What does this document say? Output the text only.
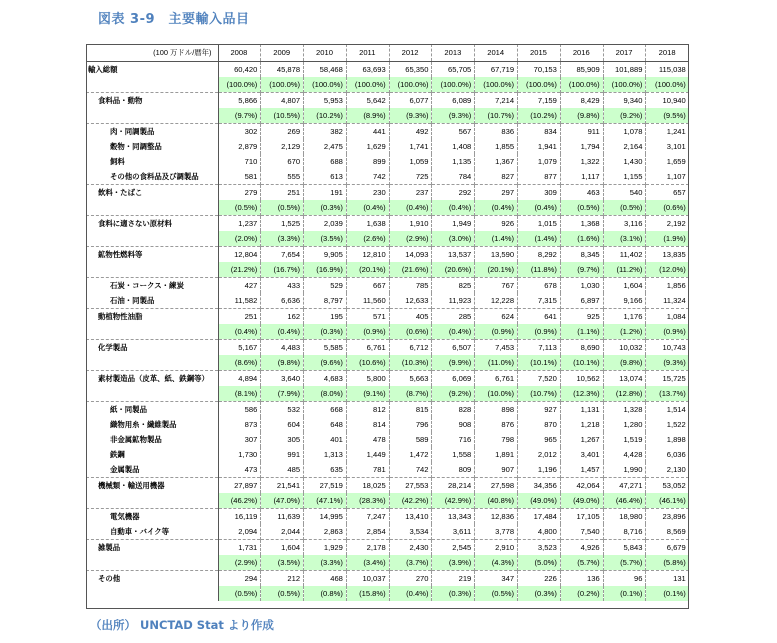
図表 3-9　主要輸入品目
(100 万ドル/暦年)	2008	2009	2010	2011	2012	2013	2014	2015	2016	2017	2018
輸入総額	60,420	45,878	58,468	63,693	65,350	65,705	67,719	70,153	85,909	101,889	115,038
	(100.0%)	(100.0%)	(100.0%)	(100.0%)	(100.0%)	(100.0%)	(100.0%)	(100.0%)	(100.0%)	(100.0%)	(100.0%)
食料品・動物	5,866	4,807	5,953	5,642	6,077	6,089	7,214	7,159	8,429	9,340	10,940
	(9.7%)	(10.5%)	(10.2%)	(8.9%)	(9.3%)	(9.3%)	(10.7%)	(10.2%)	(9.8%)	(9.2%)	(9.5%)
肉・同調製品	302	269	382	441	492	567	836	834	911	1,078	1,241
穀物・同調整品	2,879	2,129	2,475	1,629	1,741	1,408	1,855	1,941	1,794	2,164	3,101
飼料	710	670	688	899	1,059	1,135	1,367	1,079	1,322	1,430	1,659
その他の食料品及び調製品	581	555	613	742	725	784	827	877	1,117	1,155	1,107
飲料・たばこ	279	251	191	230	237	292	297	309	463	540	657
	(0.5%)	(0.5%)	(0.3%)	(0.4%)	(0.4%)	(0.4%)	(0.4%)	(0.4%)	(0.5%)	(0.5%)	(0.6%)
食料に適さない原材料	1,237	1,525	2,039	1,638	1,910	1,949	926	1,015	1,368	3,116	2,192
	(2.0%)	(3.3%)	(3.5%)	(2.6%)	(2.9%)	(3.0%)	(1.4%)	(1.4%)	(1.6%)	(3.1%)	(1.9%)
鉱物性燃料等	12,804	7,654	9,905	12,810	14,093	13,537	13,590	8,292	8,345	11,402	13,835
	(21.2%)	(16.7%)	(16.9%)	(20.1%)	(21.6%)	(20.6%)	(20.1%)	(11.8%)	(9.7%)	(11.2%)	(12.0%)
石炭・コークス・練炭	427	433	529	667	785	825	767	678	1,030	1,604	1,856
石油・同製品	11,582	6,636	8,797	11,560	12,633	11,923	12,228	7,315	6,897	9,166	11,324
動植物性油脂	251	162	195	571	405	285	624	641	925	1,176	1,084
	(0.4%)	(0.4%)	(0.3%)	(0.9%)	(0.6%)	(0.4%)	(0.9%)	(0.9%)	(1.1%)	(1.2%)	(0.9%)
化学製品	5,167	4,483	5,585	6,761	6,712	6,507	7,453	7,113	8,690	10,032	10,743
	(8.6%)	(9.8%)	(9.6%)	(10.6%)	(10.3%)	(9.9%)	(11.0%)	(10.1%)	(10.1%)	(9.8%)	(9.3%)
素材製造品（皮革、紙、鉄鋼等）	4,894	3,640	4,683	5,800	5,663	6,069	6,761	7,520	10,562	13,074	15,725
	(8.1%)	(7.9%)	(8.0%)	(9.1%)	(8.7%)	(9.2%)	(10.0%)	(10.7%)	(12.3%)	(12.8%)	(13.7%)
紙・同製品	586	532	668	812	815	828	898	927	1,131	1,328	1,514
織物用糸・繊維製品	873	604	648	814	796	908	876	870	1,218	1,280	1,522
非金属鉱物製品	307	305	401	478	589	716	798	965	1,267	1,519	1,898
鉄鋼	1,730	991	1,313	1,449	1,472	1,558	1,891	2,012	3,401	4,428	6,036
金属製品	473	485	635	781	742	809	907	1,196	1,457	1,990	2,130
機械類・輸送用機器	27,897	21,541	27,519	18,025	27,553	28,214	27,598	34,356	42,064	47,271	53,052
	(46.2%)	(47.0%)	(47.1%)	(28.3%)	(42.2%)	(42.9%)	(40.8%)	(49.0%)	(49.0%)	(46.4%)	(46.1%)
電気機器	16,119	11,639	14,995	7,247	13,410	13,343	12,836	17,484	17,105	18,980	23,896
自動車・バイク等	2,094	2,044	2,863	2,854	3,534	3,611	3,778	4,800	7,540	8,716	8,569
雑製品	1,731	1,604	1,929	2,178	2,430	2,545	2,910	3,523	4,926	5,843	6,679
	(2.9%)	(3.5%)	(3.3%)	(3.4%)	(3.7%)	(3.9%)	(4.3%)	(5.0%)	(5.7%)	(5.7%)	(5.8%)
その他	294	212	468	10,037	270	219	347	226	136	96	131
	(0.5%)	(0.5%)	(0.8%)	(15.8%)	(0.4%)	(0.3%)	(0.5%)	(0.3%)	(0.2%)	(0.1%)	(0.1%)
（出所） UNCTAD Stat より作成
